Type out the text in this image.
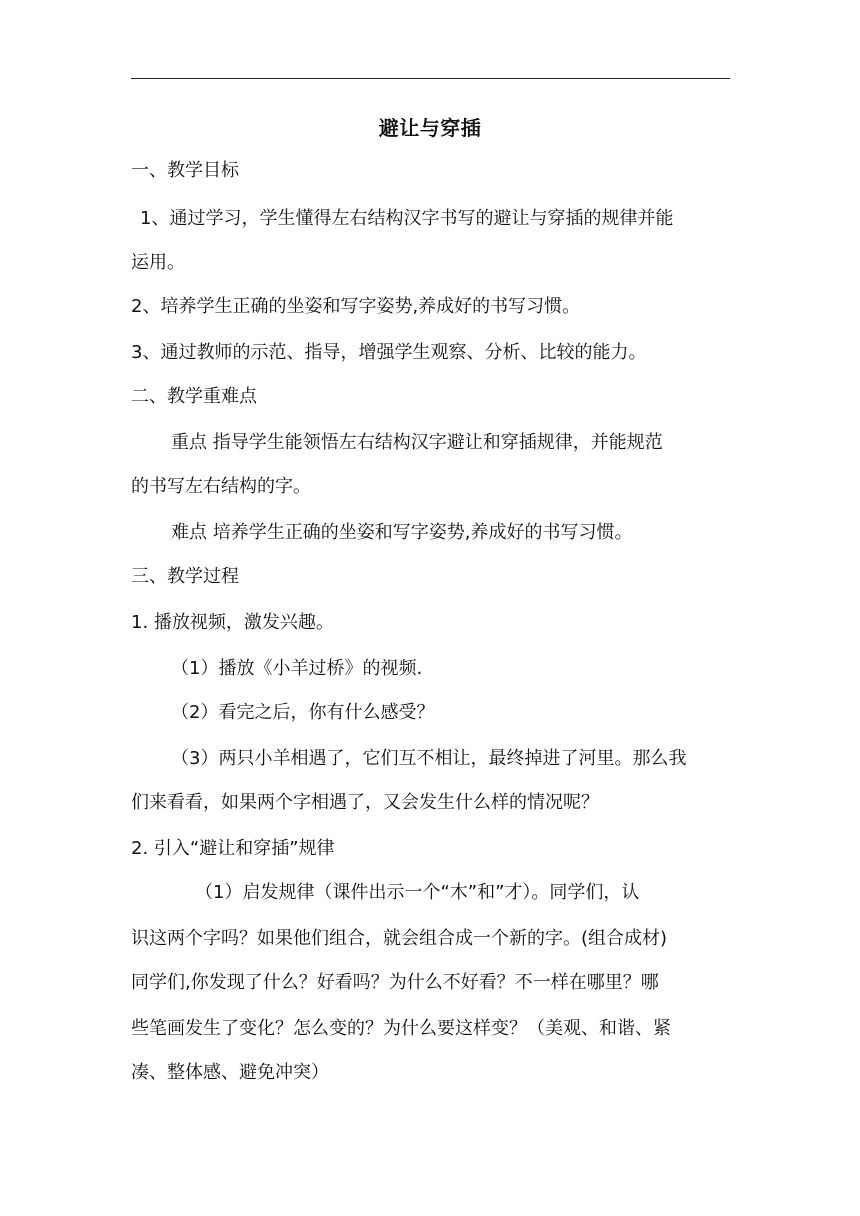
避让与穿插

一、教学目标

1、通过学习，学生懂得左右结构汉字书写的避让与穿插的规律并能

运用。

2、培养学生正确的坐姿和写字姿势,养成好的书写习惯。

3、通过教师的示范、指导，增强学生观察、分析、比较的能力。

二、教学重难点

重点 指导学生能领悟左右结构汉字避让和穿插规律，并能规范

的书写左右结构的字。

难点 培养学生正确的坐姿和写字姿势,养成好的书写习惯。

三、教学过程

1. 播放视频，激发兴趣。

（1）播放《小羊过桥》的视频.

（2）看完之后，你有什么感受？

（3）两只小羊相遇了，它们互不相让，最终掉进了河里。那么我

们来看看，如果两个字相遇了，又会发生什么样的情况呢？

2. 引入“避让和穿插”规律

（1）启发规律（课件出示一个“木”和”才）。同学们，认

识这两个字吗？如果他们组合，就会组合成一个新的字。(组合成材)

同学们,你发现了什么？好看吗？为什么不好看？不一样在哪里？哪

些笔画发生了变化？怎么变的？为什么要这样变？（美观、和谐、紧

凑、整体感、避免冲突）
